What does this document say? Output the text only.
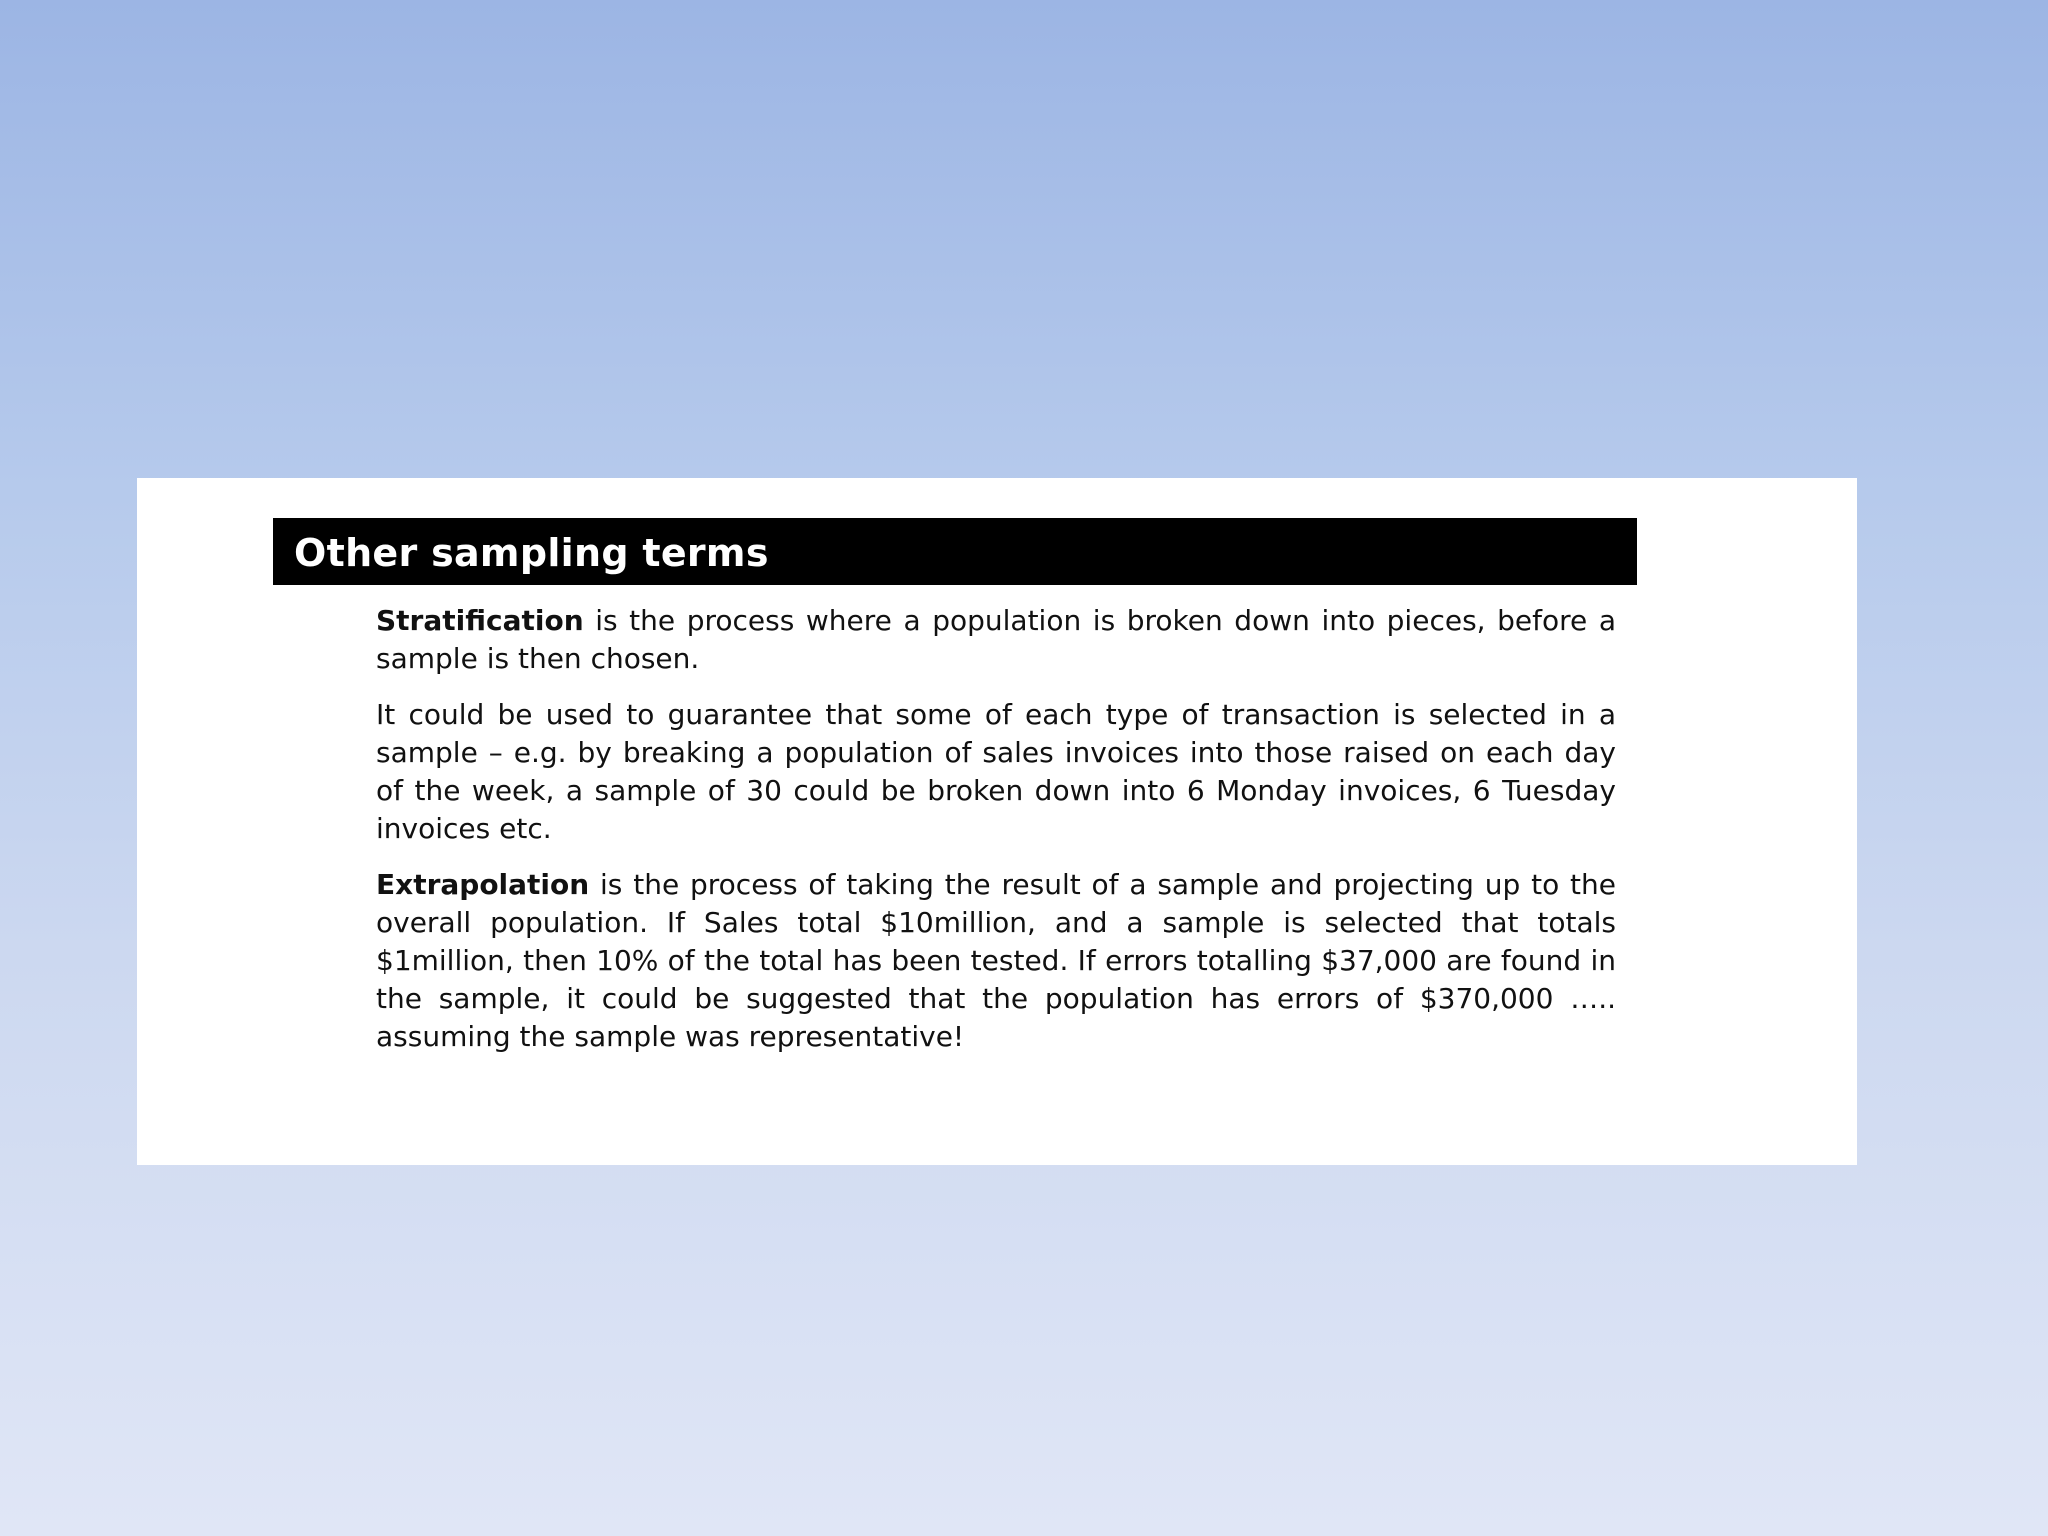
Other sampling terms

Stratification is the process where a population is broken down into pieces, before a sample is then chosen.

It could be used to guarantee that some of each type of transaction is selected in a sample – e.g. by breaking a population of sales invoices into those raised on each day of the week, a sample of 30 could be broken down into 6 Monday invoices, 6 Tuesday invoices etc.

Extrapolation is the process of taking the result of a sample and projecting up to the overall population. If Sales total $10million, and a sample is selected that totals $1million, then 10% of the total has been tested. If errors totalling $37,000 are found in the sample, it could be suggested that the population has errors of $370,000 ….. assuming the sample was representative!
